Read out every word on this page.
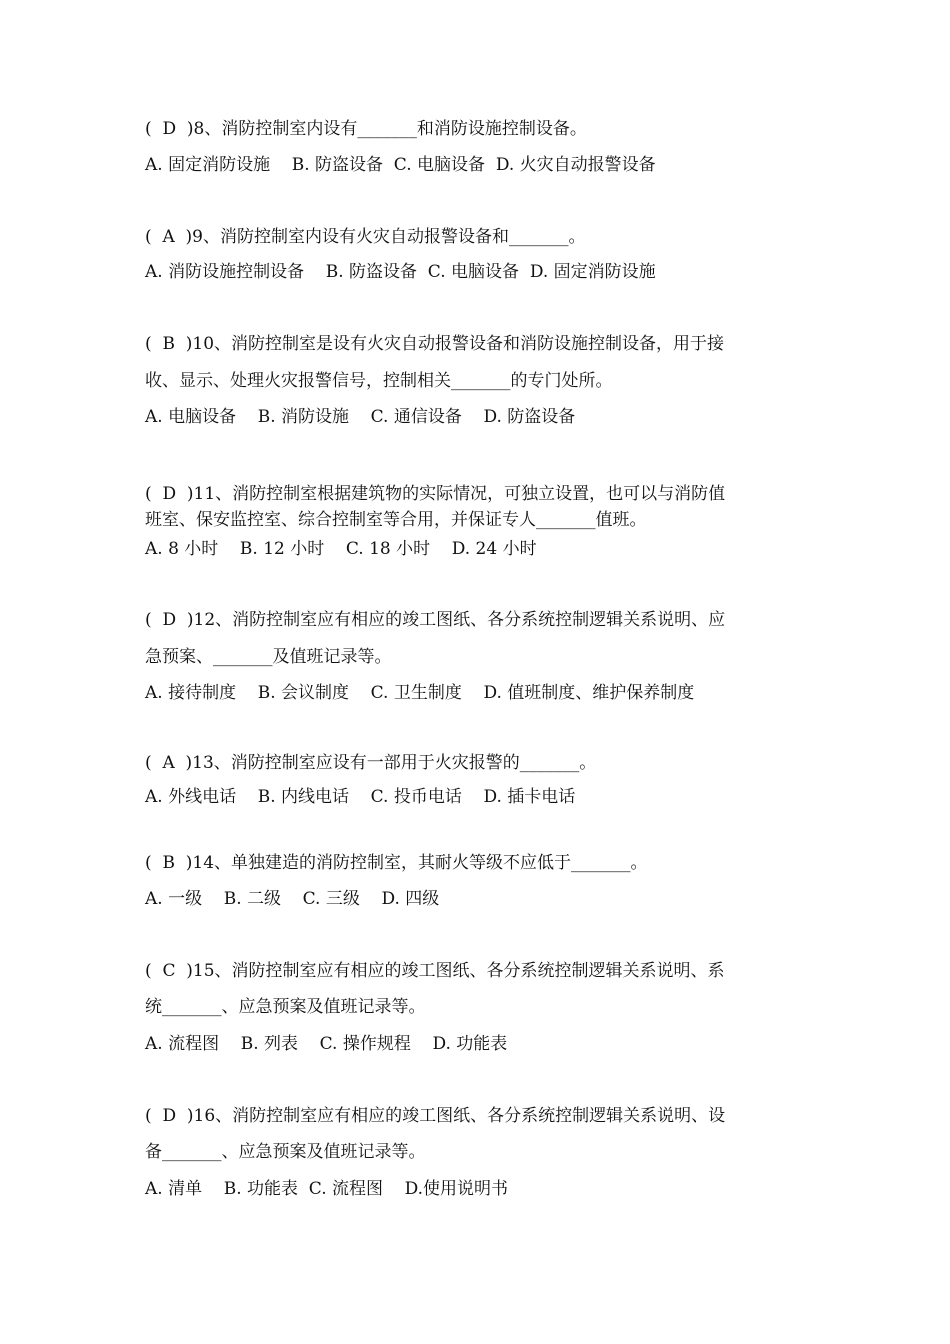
(  D  )8、消防控制室内设有_______和消防设施控制设备。
A. 固定消防设施    B. 防盗设备  C. 电脑设备  D. 火灾自动报警设备
(  A  )9、消防控制室内设有火灾自动报警设备和_______。
A. 消防设施控制设备    B. 防盗设备  C. 电脑设备  D. 固定消防设施
(  B  )10、消防控制室是设有火灾自动报警设备和消防设施控制设备，用于接
收、显示、处理火灾报警信号，控制相关_______的专门处所。
A. 电脑设备    B. 消防设施    C. 通信设备    D. 防盗设备
(  D  )11、消防控制室根据建筑物的实际情况，可独立设置，也可以与消防值
班室、保安监控室、综合控制室等合用，并保证专人_______值班。
A. 8 小时    B. 12 小时    C. 18 小时    D. 24 小时
(  D  )12、消防控制室应有相应的竣工图纸、各分系统控制逻辑关系说明、应
急预案、_______及值班记录等。
A. 接待制度    B. 会议制度    C. 卫生制度    D. 值班制度、维护保养制度
(  A  )13、消防控制室应设有一部用于火灾报警的_______。
A. 外线电话    B. 内线电话    C. 投币电话    D. 插卡电话
(  B  )14、单独建造的消防控制室，其耐火等级不应低于_______。
A. 一级    B. 二级    C. 三级    D. 四级
(  C  )15、消防控制室应有相应的竣工图纸、各分系统控制逻辑关系说明、系
统_______、应急预案及值班记录等。
A. 流程图    B. 列表    C. 操作规程    D. 功能表
(  D  )16、消防控制室应有相应的竣工图纸、各分系统控制逻辑关系说明、设
备_______、应急预案及值班记录等。
A. 清单    B. 功能表  C. 流程图    D.使用说明书
